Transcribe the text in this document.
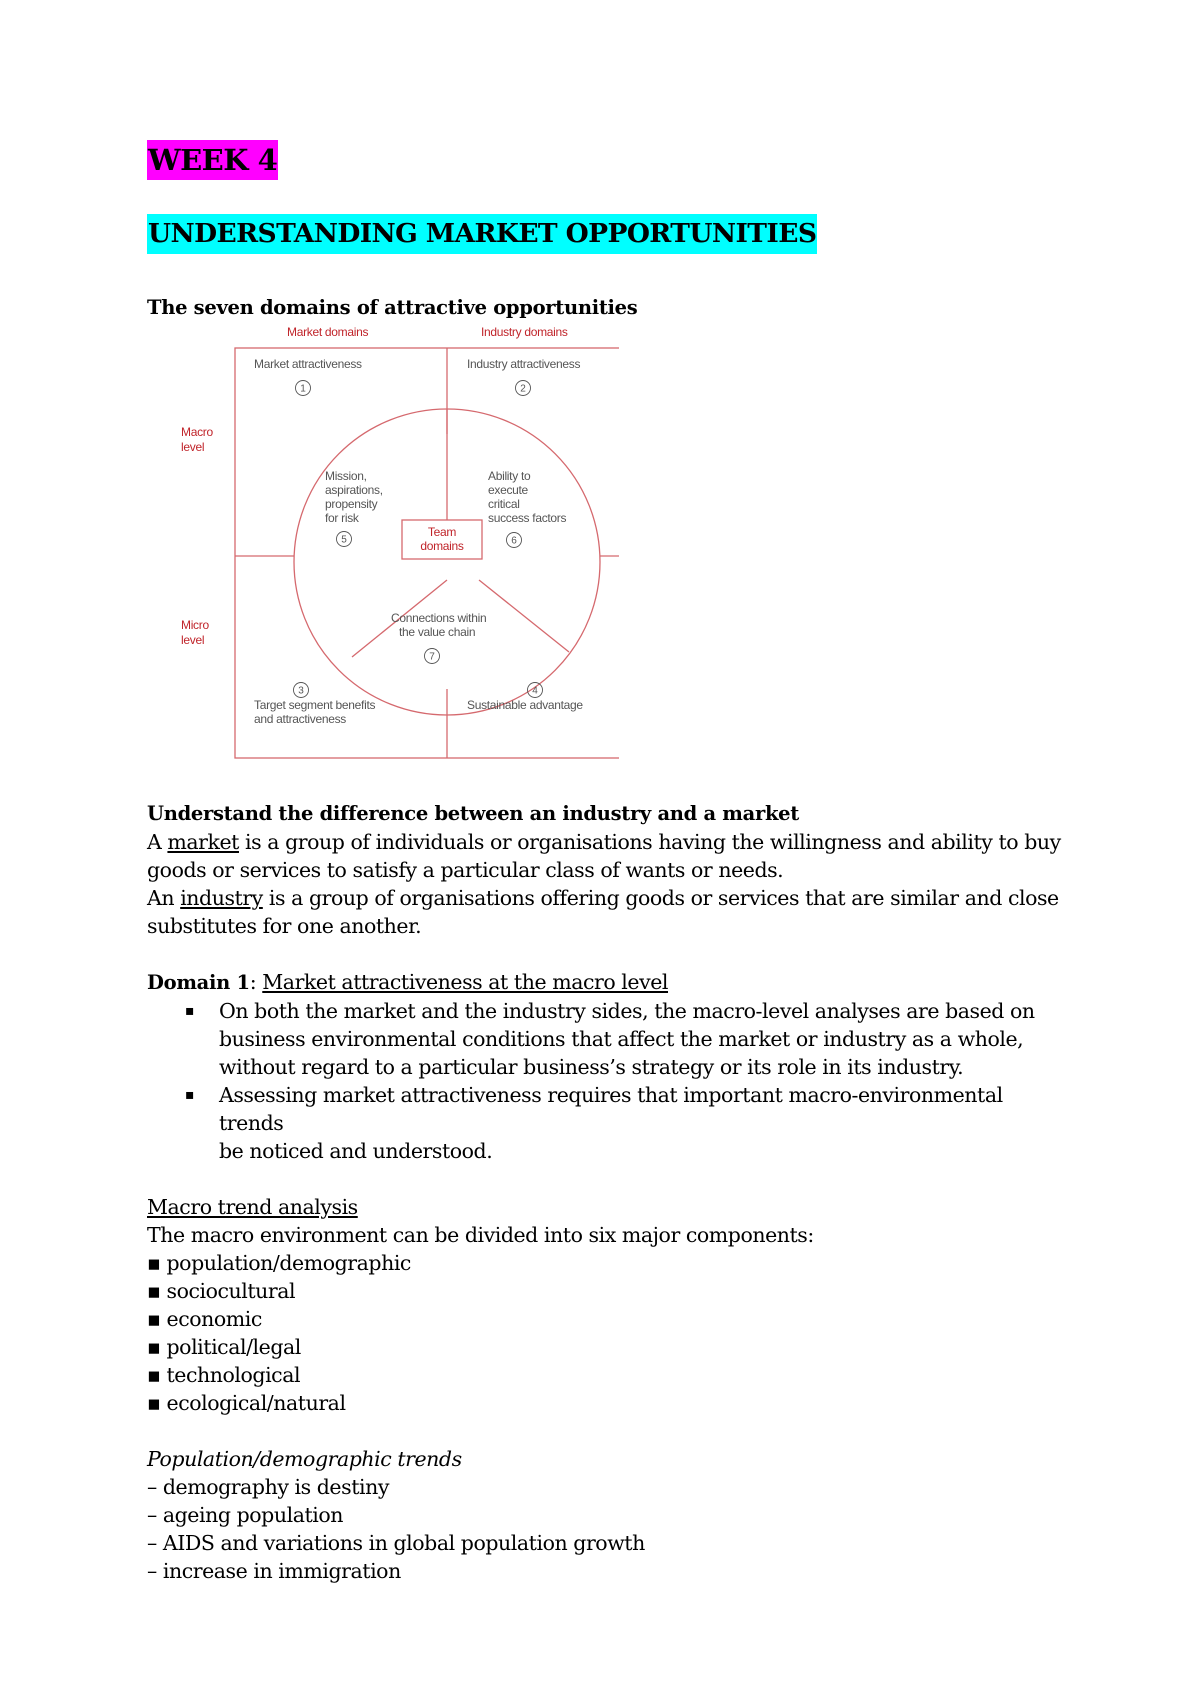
WEEK 4
UNDERSTANDING MARKET OPPORTUNITIES
The seven domains of attractive opportunities
Market domains	Industry domains
Macro
level
Micro
level
Market attractiveness	Industry attractiveness
Target segment benefits
and attractiveness
Sustainable advantage
Mission,
aspirations,
propensity
for risk
Ability to
execute
critical
success factors
Connections within
the value chain
Team
domains
1	2
3	4
5	6
7
Understand the difference between an industry and a market
A market is a group of individuals or organisations having the willingness and ability to buy
goods or services to satisfy a particular class of wants or needs.
An industry is a group of organisations offering goods or services that are similar and close
substitutes for one another.
Domain 1: Market attractiveness at the macro level
▪ On both the market and the industry sides, the macro-level analyses are based on
business environmental conditions that affect the market or industry as a whole,
without regard to a particular business’s strategy or its role in its industry.
▪ Assessing market attractiveness requires that important macro-environmental trends
be noticed and understood.
Macro trend analysis
The macro environment can be divided into six major components:
▪ population/demographic
▪ sociocultural
▪ economic
▪ political/legal
▪ technological
▪ ecological/natural
Population/demographic trends
– demography is destiny
– ageing population
– AIDS and variations in global population growth
– increase in immigration
